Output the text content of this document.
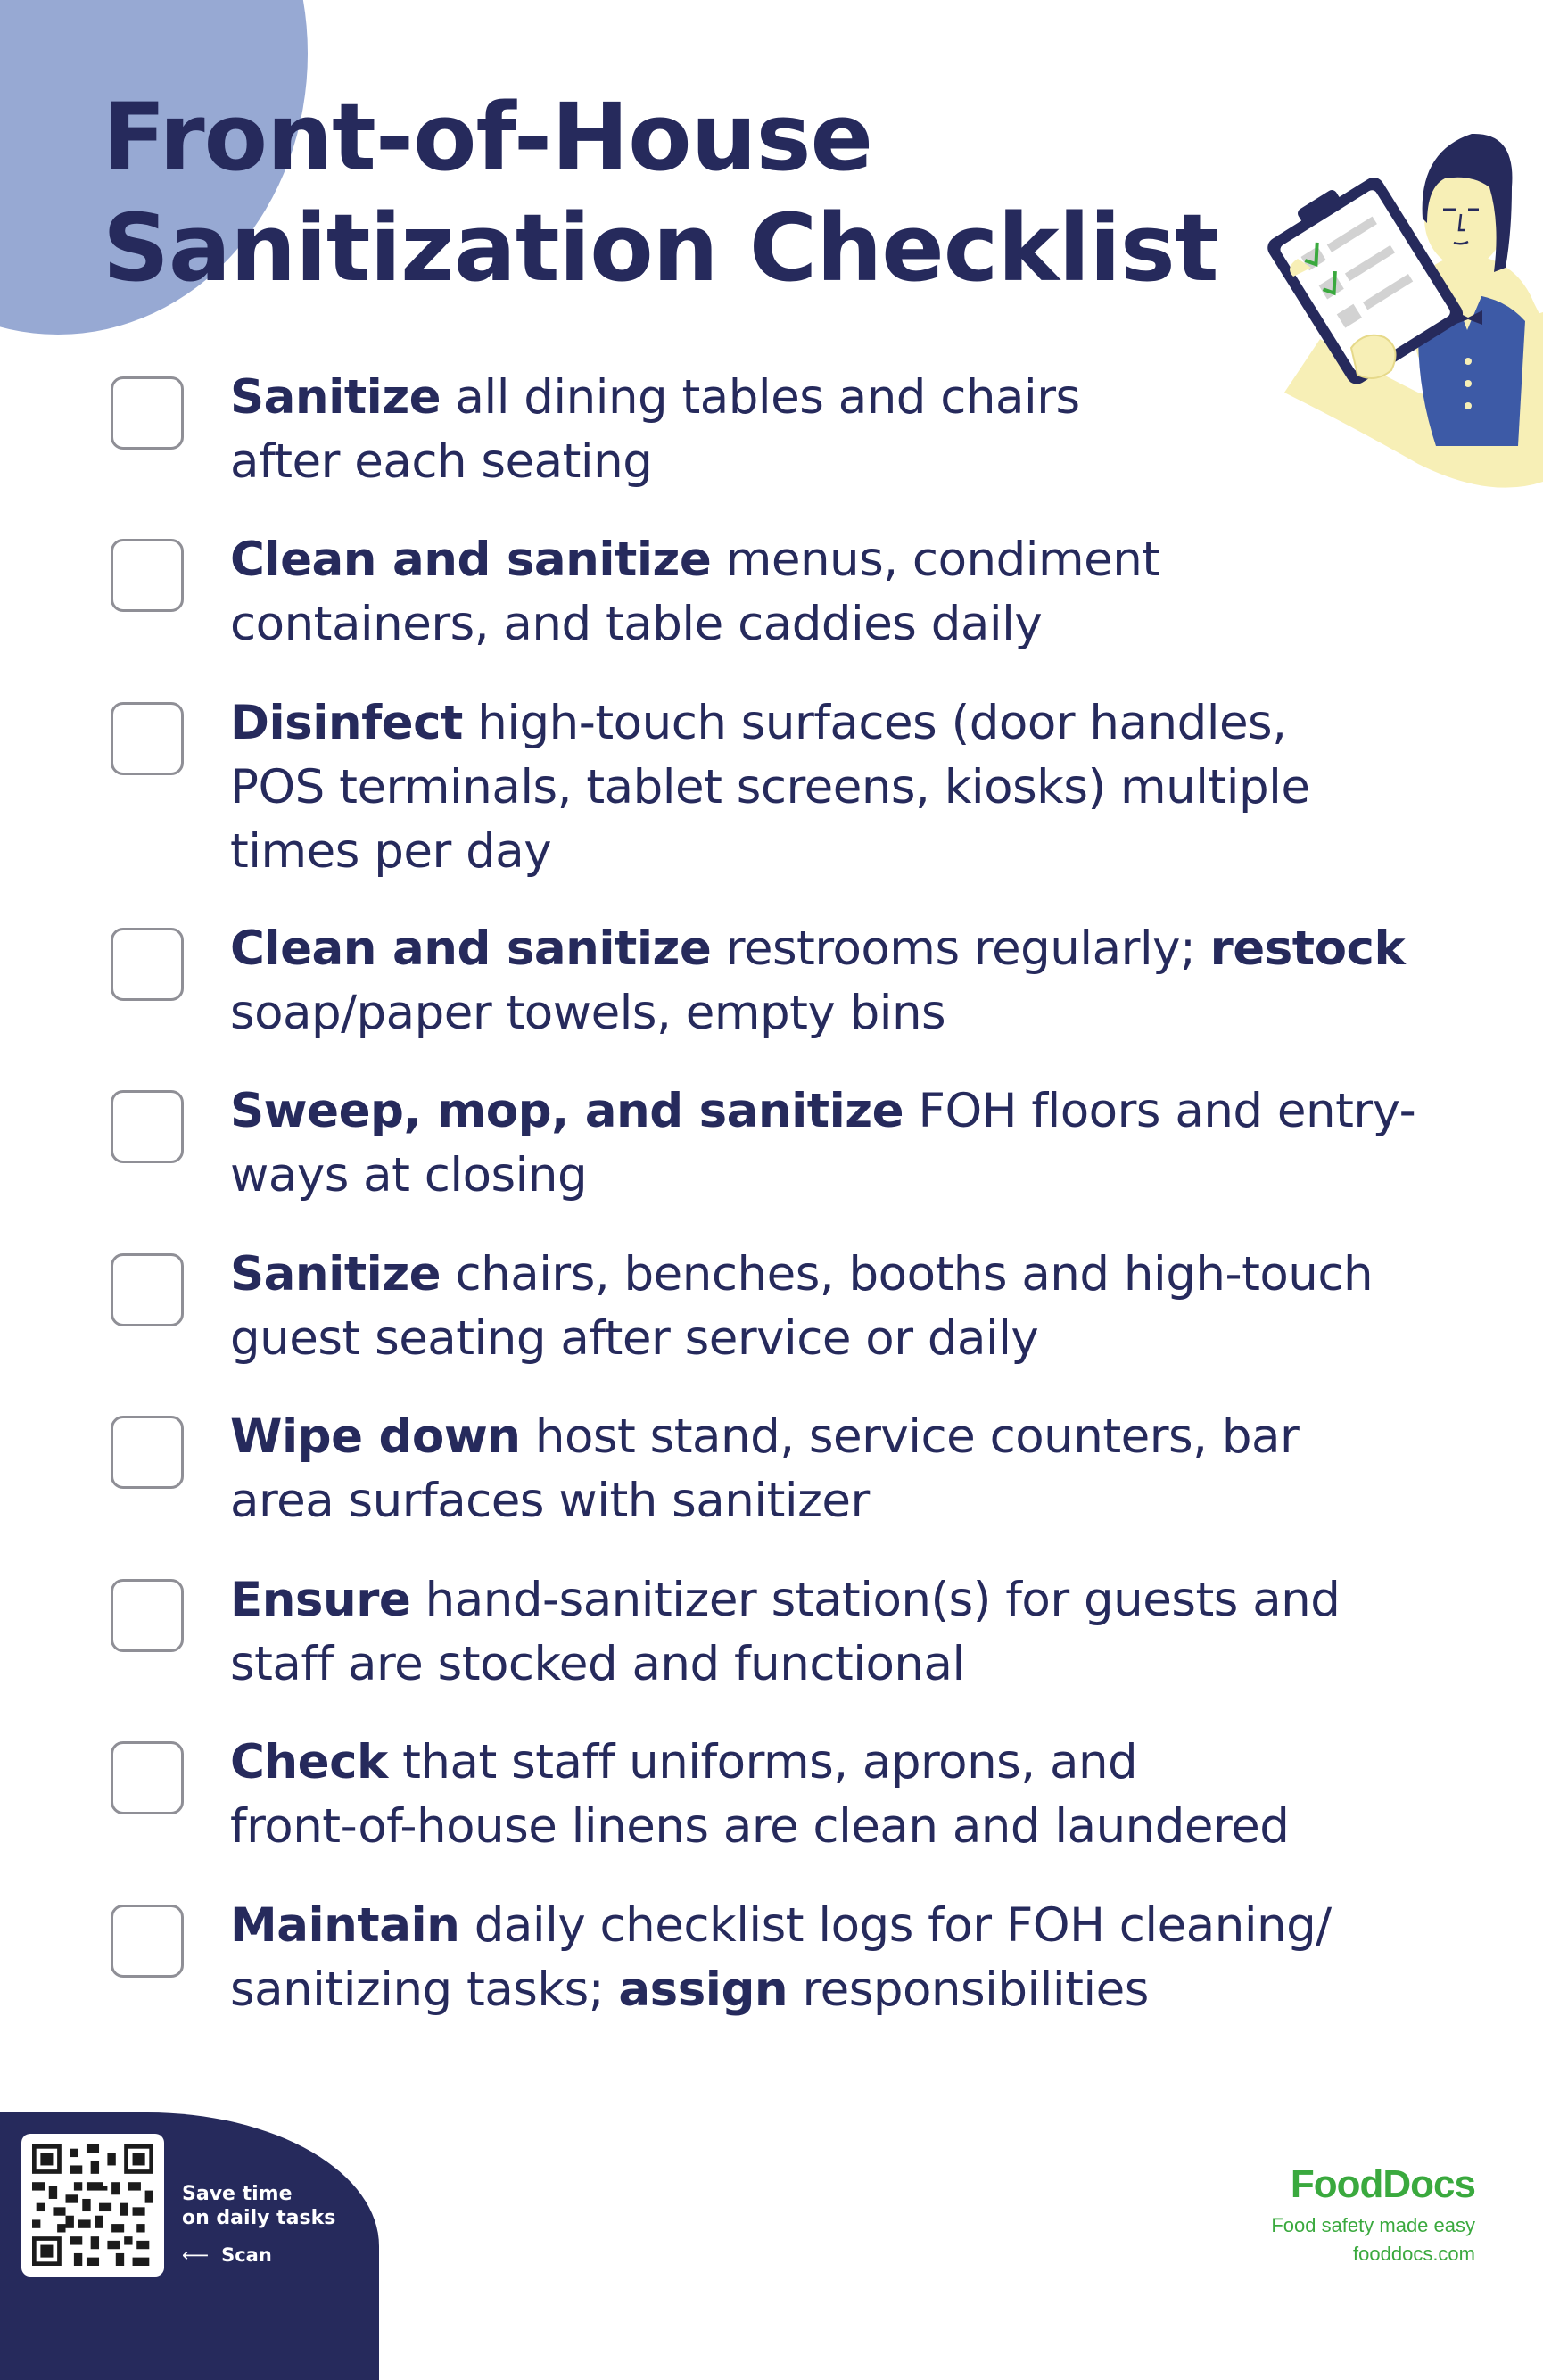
Front-of-House
Sanitization Checklist

Sanitize all dining tables and chairs
after each seating

Clean and sanitize menus, condiment
containers, and table caddies daily

Disinfect high-touch surfaces (door handles,
POS terminals, tablet screens, kiosks) multiple
times per day

Clean and sanitize restrooms regularly; restock
soap/paper towels, empty bins

Sweep, mop, and sanitize FOH floors and entry-
ways at closing

Sanitize chairs, benches, booths and high-touch
guest seating after service or daily

Wipe down host stand, service counters, bar
area surfaces with sanitizer

Ensure hand-sanitizer station(s) for guests and
staff are stocked and functional

Check that staff uniforms, aprons, and
front-of-house linens are clean and laundered

Maintain daily checklist logs for FOH cleaning/
sanitizing tasks; assign responsibilities

Save time
on daily tasks
⟵ Scan
FoodDocs
Food safety made easy
fooddocs.com
